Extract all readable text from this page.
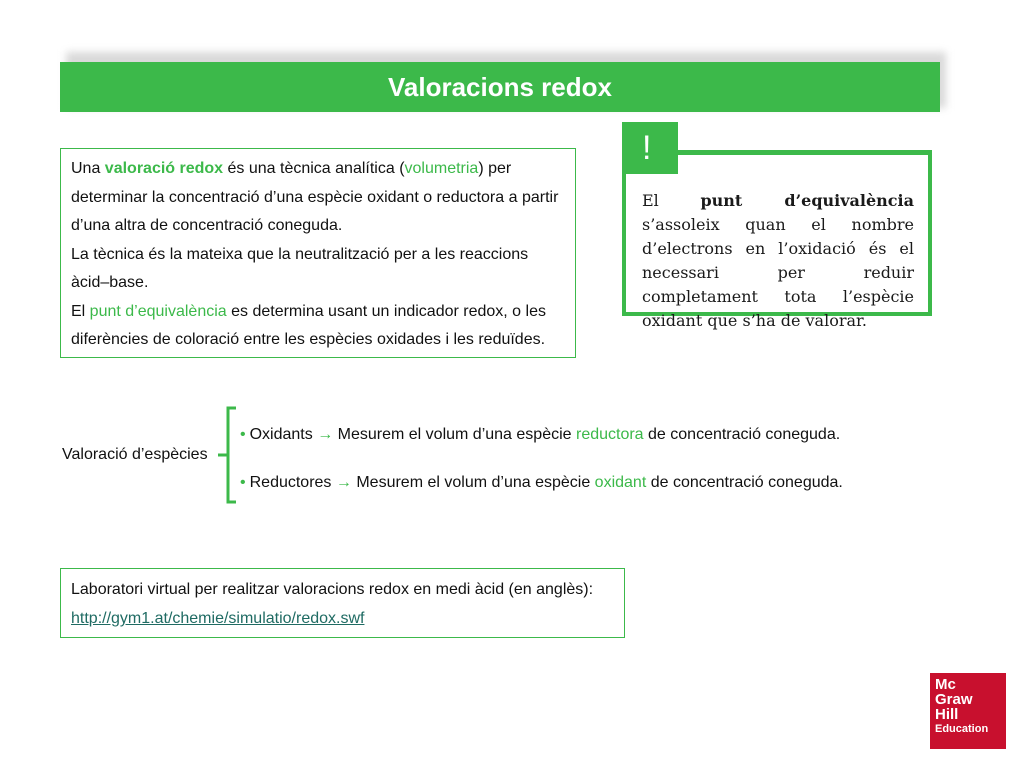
Valoracions redox

Una valoració redox és una tècnica analítica (volumetria) per determinar la concentració d’una espècie oxidant o reductora a partir d’una altra de concentració coneguda.

La tècnica és la mateixa que la neutralització per a les reaccions àcid–base.

El punt d’equivalència es determina usant un indicador redox, o les diferències de coloració entre les espècies oxidades i les reduïdes.

El punt d’equivalència s’assoleix quan el nombre d’electrons en l’oxidació és el necessari per reduir completament tota l’espècie oxidant que s’ha de valorar.
!
Valoració d’espècies
• Oxidants → Mesurem el volum d’una espècie reductora de concentració coneguda.
• Reductores → Mesurem el volum d’una espècie oxidant de concentració coneguda.
Laboratori virtual per realitzar valoracions redox en medi àcid (en anglès):
http://gym1.at/chemie/simulatio/redox.swf
Mc
Graw
Hill
Education
